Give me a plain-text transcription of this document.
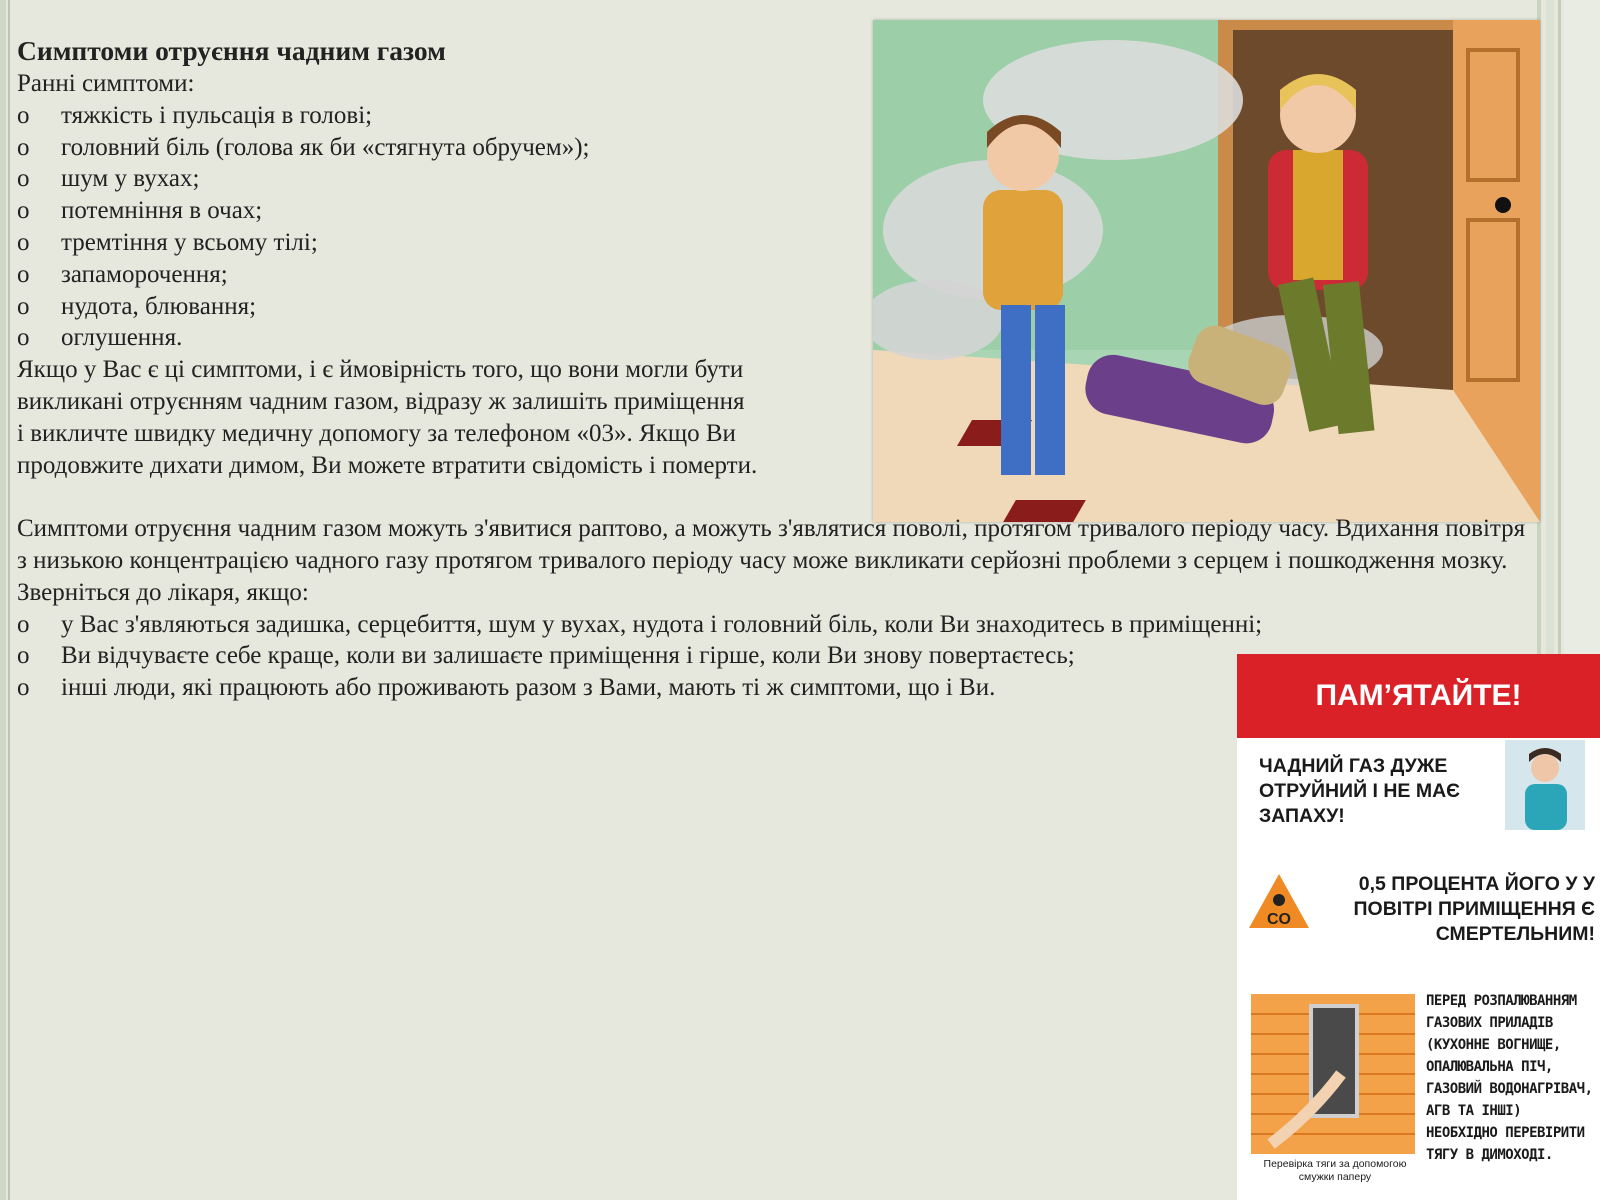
ПАМ’ЯТАЙТЕ!
ЧАДНИЙ ГАЗ ДУЖЕ ОТРУЙНИЙ І НЕ МАЄ ЗАПАХУ!
CO
0,5 ПРОЦЕНТА ЙОГО У У ПОВІТРІ ПРИМІЩЕННЯ Є СМЕРТЕЛЬНИМ!
ПЕРЕД РОЗПАЛЮВАННЯМ ГАЗОВИХ ПРИЛАДІВ (КУХОННЕ ВОГНИЩЕ, ОПАЛЮВАЛЬНА ПІЧ, ГАЗОВИЙ ВОДОНАГРІВАЧ, АГВ ТА ІНШІ) НЕОБХІДНО ПЕРЕВІРИТИ ТЯГУ В ДИМОХОДІ.
Перевірка тяги за допомогою смужки паперу
Симптоми отруєння чадним газом
Ранні симптоми:
o тяжкість і пульсація в голові;
o головний біль (голова як би «стягнута обручем»);
o шум у вухах;
o потемніння в очах;
o тремтіння у всьому тілі;
o запаморочення;
o нудота, блювання;
o оглушення.
Якщо у Вас є ці симптоми, і є ймовірність того, що вони могли бути
викликані отруєнням чадним газом, відразу ж залишіть приміщення
і викличте швидку медичну допомогу за телефоном «03». Якщо Ви
продовжите дихати димом, Ви можете втратити свідомість і померти.
Симптоми отруєння чадним газом можуть з'явитися раптово, а можуть з'являтися поволі, протягом тривалого періоду часу. Вдихання повітря з низькою концентрацією чадного газу протягом тривалого періоду часу може викликати серйозні проблеми з серцем і пошкодження мозку. Зверніться до лікаря, якщо:
o у Вас з'являються задишка, серцебиття, шум у вухах, нудота і головний біль, коли Ви знаходитесь в приміщенні;
o Ви відчуваєте себе краще, коли ви залишаєте приміщення і гірше, коли Ви знову повертаєтесь;
o інші люди, які працюють або проживають разом з Вами, мають ті ж симптоми, що і Ви.
